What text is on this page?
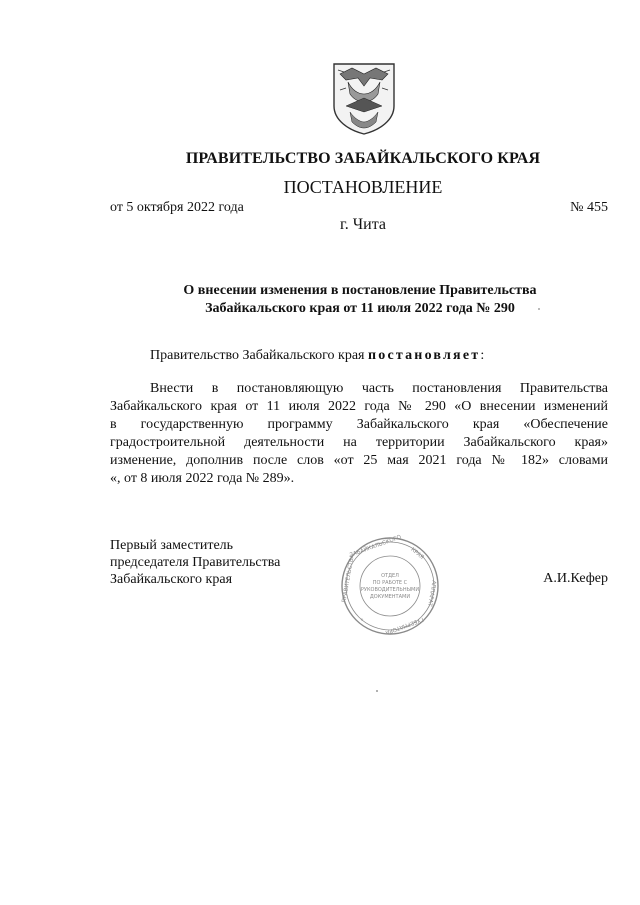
ПРАВИТЕЛЬСТВО ЗАБАЙКАЛЬСКОГО КРАЯ
ПОСТАНОВЛЕНИЕ
от 5 октября 2022 года	№ 455
г. Чита
О внесении изменения в постановление Правительства
Забайкальского края от 11 июля 2022 года № 290
Правительство Забайкальского края постановляет:
Внести в постановляющую часть постановления Правительства
Забайкальского края от 11 июля 2022 года № 290 «О внесении изменений
в государственную программу Забайкальского края «Обеспечение
градостроительной деятельности на территории Забайкальского края»
изменение, дополнив после слов «от 25 мая 2021 года № 182» словами
«, от 8 июля 2022 года № 289».
Первый заместитель
председателя Правительства
Забайкальского края
ЗАБАЙКАЛЬСКОГО КРАЯ
АППАРАТ
ГУБЕРНАТОРА
ПРАВИТЕЛЬСТВА
*
ОТДЕЛ
ПО РАБОТЕ С
РУКОВОДИТЕЛЬНЫМИ
ДОКУМЕНТАМИ
А.И.Кефер
